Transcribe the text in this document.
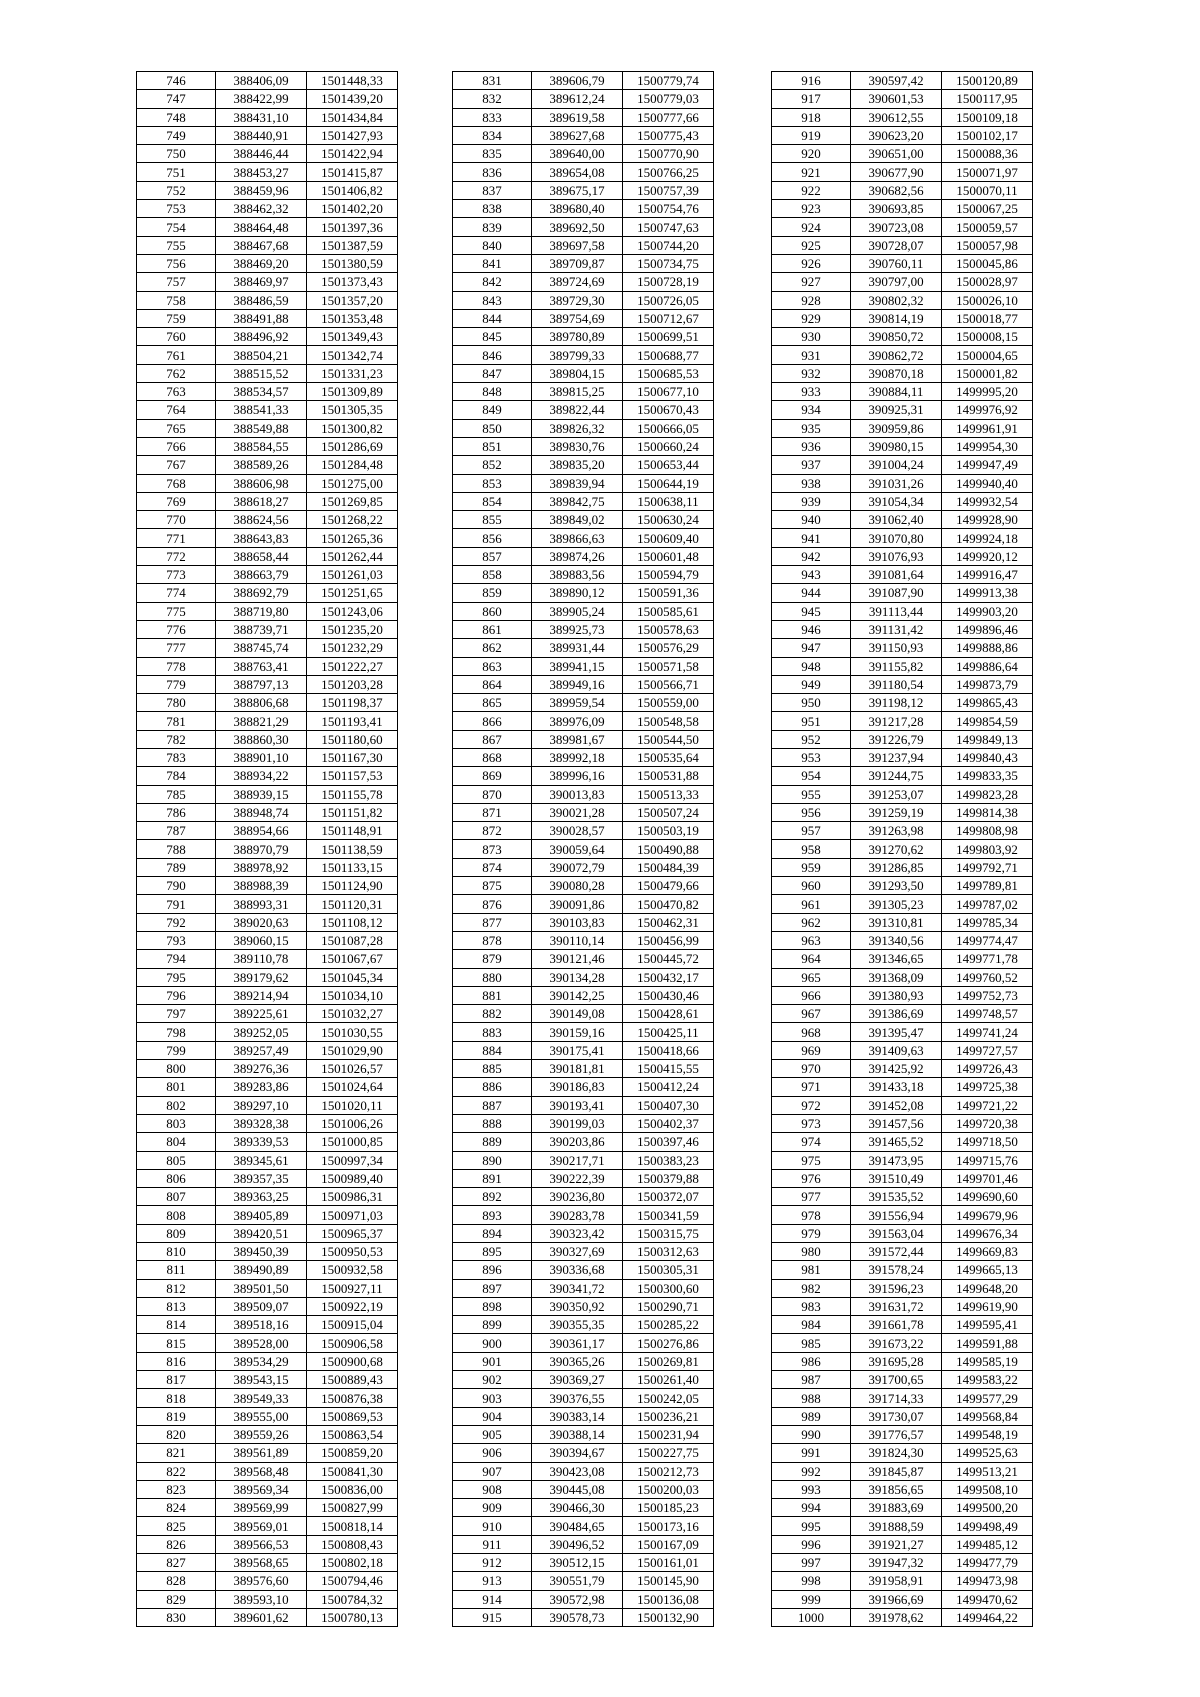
746	388406,09	1501448,33
747	388422,99	1501439,20
748	388431,10	1501434,84
749	388440,91	1501427,93
750	388446,44	1501422,94
751	388453,27	1501415,87
752	388459,96	1501406,82
753	388462,32	1501402,20
754	388464,48	1501397,36
755	388467,68	1501387,59
756	388469,20	1501380,59
757	388469,97	1501373,43
758	388486,59	1501357,20
759	388491,88	1501353,48
760	388496,92	1501349,43
761	388504,21	1501342,74
762	388515,52	1501331,23
763	388534,57	1501309,89
764	388541,33	1501305,35
765	388549,88	1501300,82
766	388584,55	1501286,69
767	388589,26	1501284,48
768	388606,98	1501275,00
769	388618,27	1501269,85
770	388624,56	1501268,22
771	388643,83	1501265,36
772	388658,44	1501262,44
773	388663,79	1501261,03
774	388692,79	1501251,65
775	388719,80	1501243,06
776	388739,71	1501235,20
777	388745,74	1501232,29
778	388763,41	1501222,27
779	388797,13	1501203,28
780	388806,68	1501198,37
781	388821,29	1501193,41
782	388860,30	1501180,60
783	388901,10	1501167,30
784	388934,22	1501157,53
785	388939,15	1501155,78
786	388948,74	1501151,82
787	388954,66	1501148,91
788	388970,79	1501138,59
789	388978,92	1501133,15
790	388988,39	1501124,90
791	388993,31	1501120,31
792	389020,63	1501108,12
793	389060,15	1501087,28
794	389110,78	1501067,67
795	389179,62	1501045,34
796	389214,94	1501034,10
797	389225,61	1501032,27
798	389252,05	1501030,55
799	389257,49	1501029,90
800	389276,36	1501026,57
801	389283,86	1501024,64
802	389297,10	1501020,11
803	389328,38	1501006,26
804	389339,53	1501000,85
805	389345,61	1500997,34
806	389357,35	1500989,40
807	389363,25	1500986,31
808	389405,89	1500971,03
809	389420,51	1500965,37
810	389450,39	1500950,53
811	389490,89	1500932,58
812	389501,50	1500927,11
813	389509,07	1500922,19
814	389518,16	1500915,04
815	389528,00	1500906,58
816	389534,29	1500900,68
817	389543,15	1500889,43
818	389549,33	1500876,38
819	389555,00	1500869,53
820	389559,26	1500863,54
821	389561,89	1500859,20
822	389568,48	1500841,30
823	389569,34	1500836,00
824	389569,99	1500827,99
825	389569,01	1500818,14
826	389566,53	1500808,43
827	389568,65	1500802,18
828	389576,60	1500794,46
829	389593,10	1500784,32
830	389601,62	1500780,13
831	389606,79	1500779,74
832	389612,24	1500779,03
833	389619,58	1500777,66
834	389627,68	1500775,43
835	389640,00	1500770,90
836	389654,08	1500766,25
837	389675,17	1500757,39
838	389680,40	1500754,76
839	389692,50	1500747,63
840	389697,58	1500744,20
841	389709,87	1500734,75
842	389724,69	1500728,19
843	389729,30	1500726,05
844	389754,69	1500712,67
845	389780,89	1500699,51
846	389799,33	1500688,77
847	389804,15	1500685,53
848	389815,25	1500677,10
849	389822,44	1500670,43
850	389826,32	1500666,05
851	389830,76	1500660,24
852	389835,20	1500653,44
853	389839,94	1500644,19
854	389842,75	1500638,11
855	389849,02	1500630,24
856	389866,63	1500609,40
857	389874,26	1500601,48
858	389883,56	1500594,79
859	389890,12	1500591,36
860	389905,24	1500585,61
861	389925,73	1500578,63
862	389931,44	1500576,29
863	389941,15	1500571,58
864	389949,16	1500566,71
865	389959,54	1500559,00
866	389976,09	1500548,58
867	389981,67	1500544,50
868	389992,18	1500535,64
869	389996,16	1500531,88
870	390013,83	1500513,33
871	390021,28	1500507,24
872	390028,57	1500503,19
873	390059,64	1500490,88
874	390072,79	1500484,39
875	390080,28	1500479,66
876	390091,86	1500470,82
877	390103,83	1500462,31
878	390110,14	1500456,99
879	390121,46	1500445,72
880	390134,28	1500432,17
881	390142,25	1500430,46
882	390149,08	1500428,61
883	390159,16	1500425,11
884	390175,41	1500418,66
885	390181,81	1500415,55
886	390186,83	1500412,24
887	390193,41	1500407,30
888	390199,03	1500402,37
889	390203,86	1500397,46
890	390217,71	1500383,23
891	390222,39	1500379,88
892	390236,80	1500372,07
893	390283,78	1500341,59
894	390323,42	1500315,75
895	390327,69	1500312,63
896	390336,68	1500305,31
897	390341,72	1500300,60
898	390350,92	1500290,71
899	390355,35	1500285,22
900	390361,17	1500276,86
901	390365,26	1500269,81
902	390369,27	1500261,40
903	390376,55	1500242,05
904	390383,14	1500236,21
905	390388,14	1500231,94
906	390394,67	1500227,75
907	390423,08	1500212,73
908	390445,08	1500200,03
909	390466,30	1500185,23
910	390484,65	1500173,16
911	390496,52	1500167,09
912	390512,15	1500161,01
913	390551,79	1500145,90
914	390572,98	1500136,08
915	390578,73	1500132,90
916	390597,42	1500120,89
917	390601,53	1500117,95
918	390612,55	1500109,18
919	390623,20	1500102,17
920	390651,00	1500088,36
921	390677,90	1500071,97
922	390682,56	1500070,11
923	390693,85	1500067,25
924	390723,08	1500059,57
925	390728,07	1500057,98
926	390760,11	1500045,86
927	390797,00	1500028,97
928	390802,32	1500026,10
929	390814,19	1500018,77
930	390850,72	1500008,15
931	390862,72	1500004,65
932	390870,18	1500001,82
933	390884,11	1499995,20
934	390925,31	1499976,92
935	390959,86	1499961,91
936	390980,15	1499954,30
937	391004,24	1499947,49
938	391031,26	1499940,40
939	391054,34	1499932,54
940	391062,40	1499928,90
941	391070,80	1499924,18
942	391076,93	1499920,12
943	391081,64	1499916,47
944	391087,90	1499913,38
945	391113,44	1499903,20
946	391131,42	1499896,46
947	391150,93	1499888,86
948	391155,82	1499886,64
949	391180,54	1499873,79
950	391198,12	1499865,43
951	391217,28	1499854,59
952	391226,79	1499849,13
953	391237,94	1499840,43
954	391244,75	1499833,35
955	391253,07	1499823,28
956	391259,19	1499814,38
957	391263,98	1499808,98
958	391270,62	1499803,92
959	391286,85	1499792,71
960	391293,50	1499789,81
961	391305,23	1499787,02
962	391310,81	1499785,34
963	391340,56	1499774,47
964	391346,65	1499771,78
965	391368,09	1499760,52
966	391380,93	1499752,73
967	391386,69	1499748,57
968	391395,47	1499741,24
969	391409,63	1499727,57
970	391425,92	1499726,43
971	391433,18	1499725,38
972	391452,08	1499721,22
973	391457,56	1499720,38
974	391465,52	1499718,50
975	391473,95	1499715,76
976	391510,49	1499701,46
977	391535,52	1499690,60
978	391556,94	1499679,96
979	391563,04	1499676,34
980	391572,44	1499669,83
981	391578,24	1499665,13
982	391596,23	1499648,20
983	391631,72	1499619,90
984	391661,78	1499595,41
985	391673,22	1499591,88
986	391695,28	1499585,19
987	391700,65	1499583,22
988	391714,33	1499577,29
989	391730,07	1499568,84
990	391776,57	1499548,19
991	391824,30	1499525,63
992	391845,87	1499513,21
993	391856,65	1499508,10
994	391883,69	1499500,20
995	391888,59	1499498,49
996	391921,27	1499485,12
997	391947,32	1499477,79
998	391958,91	1499473,98
999	391966,69	1499470,62
1000	391978,62	1499464,22
